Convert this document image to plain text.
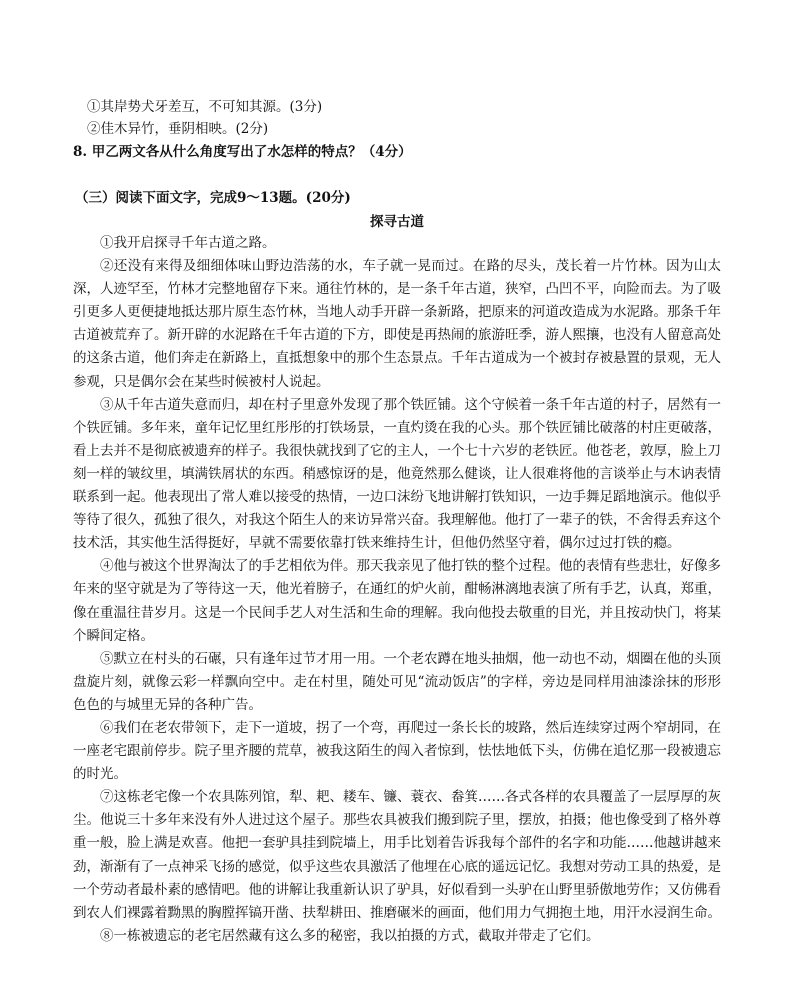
①其岸势犬牙差互，不可知其源。(3分)
②佳木异竹，垂阴相映。(2分)
8. 甲乙两文各从什么角度写出了水怎样的特点？（4分）
（三）阅读下面文字，完成9～13题。(20分)
探寻古道

①我开启探寻千年古道之路。

②还没有来得及细细体味山野边浩荡的水，车子就一晃而过。在路的尽头，茂长着一片竹林。因为山太深，人迹罕至，竹林才完整地留存下来。通往竹林的，是一条千年古道，狭窄，凸凹不平，向险而去。为了吸引更多人更便捷地抵达那片原生态竹林，当地人动手开辟一条新路，把原来的河道改造成为水泥路。那条千年古道被荒弃了。新开辟的水泥路在千年古道的下方，即使是再热闹的旅游旺季，游人熙攘，也没有人留意高处的这条古道，他们奔走在新路上，直抵想象中的那个生态景点。千年古道成为一个被封存被悬置的景观，无人参观，只是偶尔会在某些时候被村人说起。

③从千年古道失意而归，却在村子里意外发现了那个铁匠铺。这个守候着一条千年古道的村子，居然有一个铁匠铺。多年来，童年记忆里红彤彤的打铁场景，一直灼烫在我的心头。那个铁匠铺比破落的村庄更破落，看上去并不是彻底被遗弃的样子。我很快就找到了它的主人，一个七十六岁的老铁匠。他苍老，敦厚，脸上刀刻一样的皱纹里，填满铁屑状的东西。稍感惊讶的是，他竟然那么健谈，让人很难将他的言谈举止与木讷表情联系到一起。他表现出了常人难以接受的热情，一边口沫纷飞地讲解打铁知识，一边手舞足蹈地演示。他似乎等待了很久，孤独了很久，对我这个陌生人的来访异常兴奋。我理解他。他打了一辈子的铁，不舍得丢弃这个技术活，其实他生活得挺好，早就不需要依靠打铁来维持生计，但他仍然坚守着，偶尔过过打铁的瘾。

④他与被这个世界淘汰了的手艺相依为伴。那天我亲见了他打铁的整个过程。他的表情有些悲壮，好像多年来的坚守就是为了等待这一天，他光着膀子，在通红的炉火前，酣畅淋漓地表演了所有手艺，认真，郑重，像在重温往昔岁月。这是一个民间手艺人对生活和生命的理解。我向他投去敬重的目光，并且按动快门，将某个瞬间定格。

⑤默立在村头的石碾，只有逢年过节才用一用。一个老农蹲在地头抽烟，他一动也不动，烟圈在他的头顶盘旋片刻，就像云彩一样飘向空中。走在村里，随处可见“流动饭店”的字样，旁边是同样用油漆涂抹的形形色色的与城里无异的各种广告。

⑥我们在老农带领下，走下一道坡，拐了一个弯，再爬过一条长长的坡路，然后连续穿过两个窄胡同，在一座老宅跟前停步。院子里齐腰的荒草，被我这陌生的闯入者惊到，怯怯地低下头，仿佛在追忆那一段被遗忘的时光。

⑦这栋老宅像一个农具陈列馆，犁、耙、耧车、镰、蓑衣、畚箕……各式各样的农具覆盖了一层厚厚的灰尘。他说三十多年来没有外人进过这个屋子。那些农具被我们搬到院子里，摆放，拍摄；他也像受到了格外尊重一般，脸上满是欢喜。他把一套驴具挂到院墙上，用手比划着告诉我每个部件的名字和功能……他越讲越来劲，渐渐有了一点神采飞扬的感觉，似乎这些农具激活了他埋在心底的遥远记忆。我想对劳动工具的热爱，是一个劳动者最朴素的感情吧。他的讲解让我重新认识了驴具，好似看到一头驴在山野里骄傲地劳作；又仿佛看到农人们裸露着黝黑的胸膛挥镐开凿、扶犁耕田、推磨碾米的画面，他们用力气拥抱土地，用汗水浸润生命。

⑧一栋被遗忘的老宅居然藏有这么多的秘密，我以拍摄的方式，截取并带走了它们。
